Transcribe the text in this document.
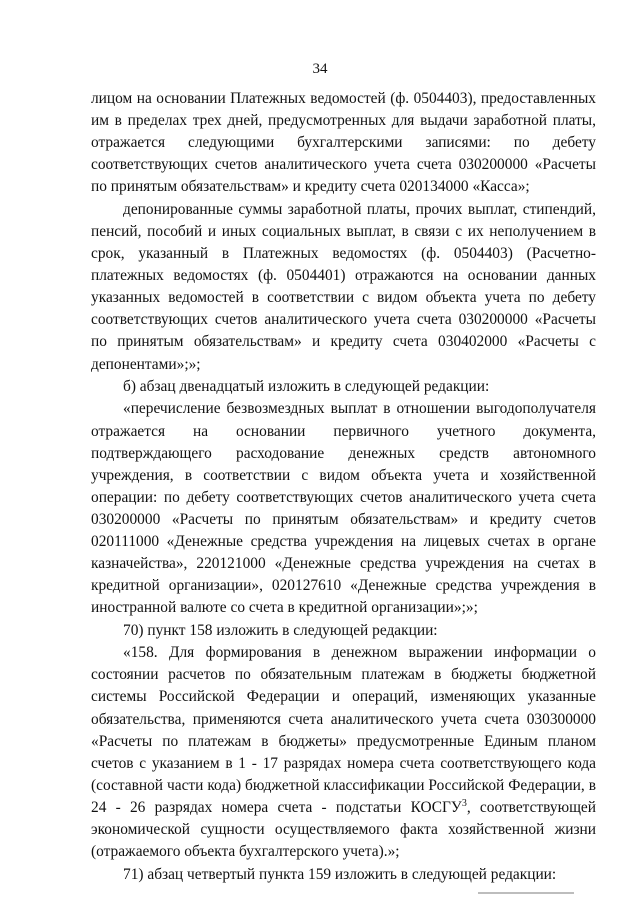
34

лицом на основании Платежных ведомостей (ф. 0504403), предоставленных им в пределах трех дней, предусмотренных для выдачи заработной платы, отражается следующими бухгалтерскими записями: по дебету соответствующих счетов аналитического учета счета 030200000 «Расчеты по принятым обязательствам» и кредиту счета 020134000 «Касса»;

депонированные суммы заработной платы, прочих выплат, стипендий, пенсий, пособий и иных социальных выплат, в связи с их неполучением в срок, указанный в Платежных ведомостях (ф. 0504403) (Расчетно-платежных ведомостях (ф. 0504401) отражаются на основании данных указанных ведомостей в соответствии с видом объекта учета по дебету соответствующих счетов аналитического учета счета 030200000 «Расчеты по принятым обязательствам» и кредиту счета 030402000 «Расчеты с депонентами»;»;

б) абзац двенадцатый изложить в следующей редакции:

«перечисление безвозмездных выплат в отношении выгодополучателя отражается на основании первичного учетного документа, подтверждающего расходование денежных средств автономного учреждения, в соответствии с видом объекта учета и хозяйственной операции: по дебету соответствующих счетов аналитического учета счета 030200000 «Расчеты по принятым обязательствам» и кредиту счетов 020111000 «Денежные средства учреждения на лицевых счетах в органе казначейства», 220121000 «Денежные средства учреждения на счетах в кредитной организации», 020127610 «Денежные средства учреждения в иностранной валюте со счета в кредитной организации»;»;

70) пункт 158 изложить в следующей редакции:

«158. Для формирования в денежном выражении информации о состоянии расчетов по обязательным платежам в бюджеты бюджетной системы Российской Федерации и операций, изменяющих указанные обязательства, применяются счета аналитического учета счета 030300000 «Расчеты по платежам в бюджеты» предусмотренные Единым планом счетов с указанием в 1 - 17 разрядах номера счета соответствующего кода (составной части кода) бюджетной классификации Российской Федерации, в 24 - 26 разрядах номера счета - подстатьи КОСГУ$^3$, соответствующей экономической сущности осуществляемого факта хозяйственной жизни (отражаемого объекта бухгалтерского учета).»;

71) абзац четвертый пункта 159 изложить в следующей редакции:
